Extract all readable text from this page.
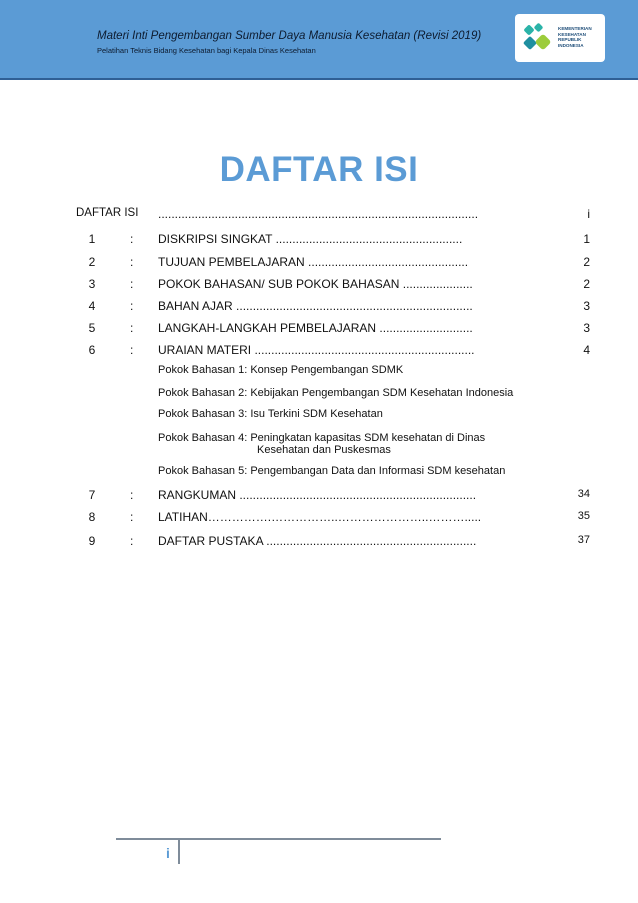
Materi Inti Pengembangan Sumber Daya Manusia Kesehatan (Revisi 2019)
Pelatihan Teknis Bidang Kesehatan bagi Kepala Dinas Kesehatan
KEMENTERIAN
KESEHATAN
REPUBLIK
INDONESIA
DAFTAR ISI
DAFTAR ISI ................................................................................................	i
1	: DISKRIPSI SINGKAT ........................................................	1
2	: TUJUAN PEMBELAJARAN ................................................	2
3	: POKOK BAHASAN/ SUB POKOK BAHASAN .....................	2
4	: BAHAN AJAR .......................................................................	3
5	: LANGKAH-LANGKAH PEMBELAJARAN ............................	3
6	: URAIAN MATERI ..................................................................	4
Pokok Bahasan 1: Konsep Pengembangan SDMK
Pokok Bahasan 2: Kebijakan Pengembangan SDM Kesehatan Indonesia
Pokok Bahasan 3: Isu Terkini SDM Kesehatan
Pokok Bahasan 4: Peningkatan kapasitas SDM kesehatan di Dinas
Kesehatan dan Puskesmas
Pokok Bahasan 5: Pengembangan Data dan Informasi SDM kesehatan
7	: RANGKUMAN .......................................................................	34
8	: LATIHAN…………….……………..…………………..……….....	35
9	: DAFTAR PUSTAKA ...............................................................	37
i
